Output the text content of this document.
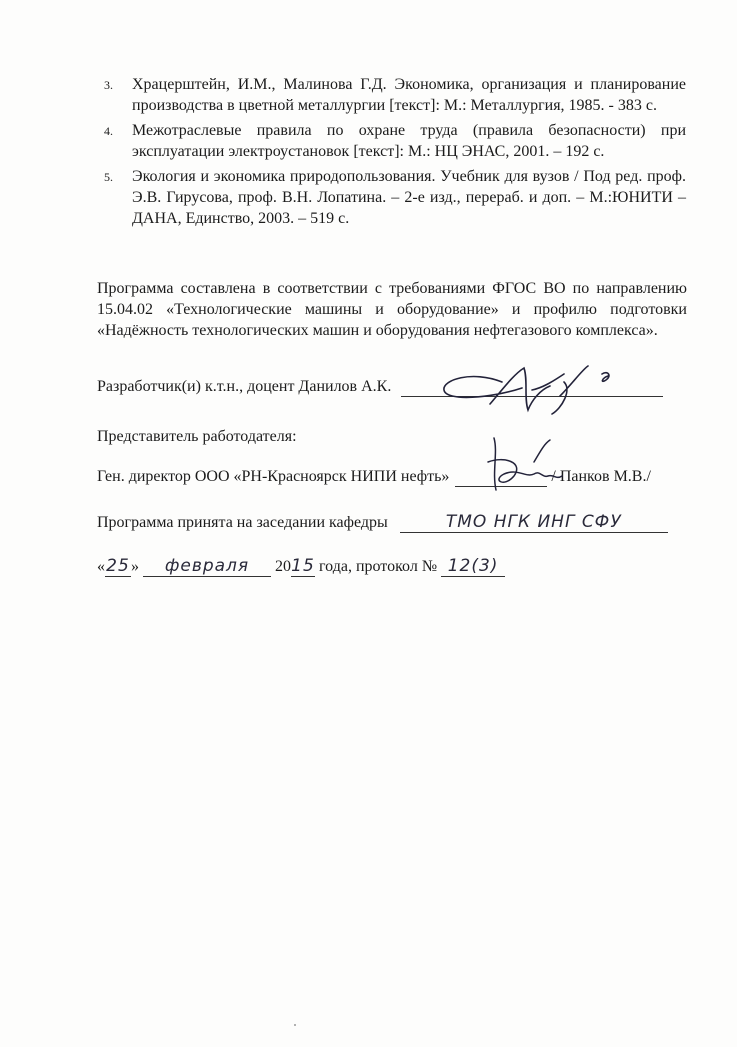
3.	Храцерштейн, И.М., Малинова Г.Д. Экономика, организация и планирование производства в цветной металлургии [текст]: М.: Металлургия, 1985. - 383 с.
4.	Межотраслевые правила по охране труда (правила безопасности) при эксплуатации электроустановок [текст]: М.: НЦ ЭНАС, 2001. – 192 с.
5.	Экология и экономика природопользования. Учебник для вузов / Под ред. проф. Э.В. Гирусова, проф. В.Н. Лопатина. – 2-е изд., перераб. и доп. – М.:ЮНИТИ – ДАНА, Единство, 2003. – 519 с.
Программа составлена в соответствии с требованиями ФГОС ВО по направлению 15.04.02 «Технологические машины и оборудование» и профилю подготовки «Надёжность технологических машин и оборудования нефтегазового комплекса».
Разработчик(и) к.т.н., доцент Данилов А.К.
Представитель работодателя:
Ген. директор ООО «РН-Красноярск НИПИ нефть»	/ Панков М.В./
Программа принята на заседании кафедры	ТМО НГК ИНГ СФУ
«25» февраля 2015 года, протокол № 12(3)
